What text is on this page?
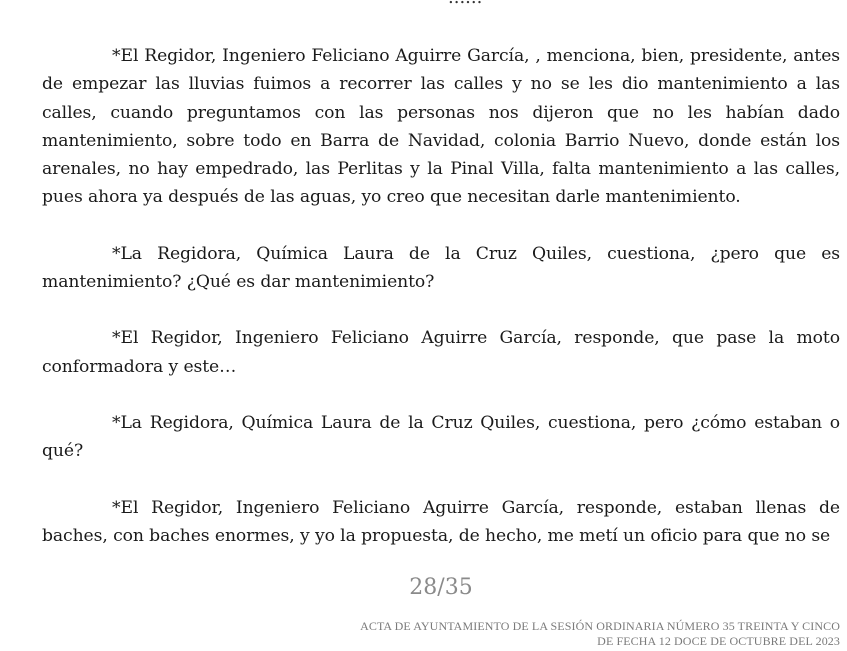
*El Regidor, Ingeniero Feliciano Aguirre García, , menciona, bien, presidente, antes de empezar las lluvias fuimos a recorrer las calles y no se les dio mantenimiento a las calles, cuando preguntamos con las personas nos dijeron que no les habían dado mantenimiento, sobre todo en Barra de Navidad, colonia Barrio Nuevo, donde están los arenales, no hay empedrado, las Perlitas y la Pinal Villa, falta mantenimiento a las calles, pues ahora ya después de las aguas, yo creo que necesitan darle mantenimiento.

*La Regidora, Química Laura de la Cruz Quiles, cuestiona, ¿pero que es mantenimiento? ¿Qué es dar mantenimiento?

*El Regidor, Ingeniero Feliciano Aguirre García, responde, que pase la moto conformadora y este…

*La Regidora, Química Laura de la Cruz Quiles, cuestiona, pero ¿cómo estaban o qué?

*El Regidor, Ingeniero Feliciano Aguirre García, responde, estaban llenas de baches, con baches enormes, y yo la propuesta, de hecho, me metí un oficio para que no se

28/35
ACTA DE AYUNTAMIENTO DE LA SESIÓN ORDINARIA NÚMERO 35 TREINTA Y CINCO
DE FECHA 12 DOCE DE OCTUBRE DEL 2023
